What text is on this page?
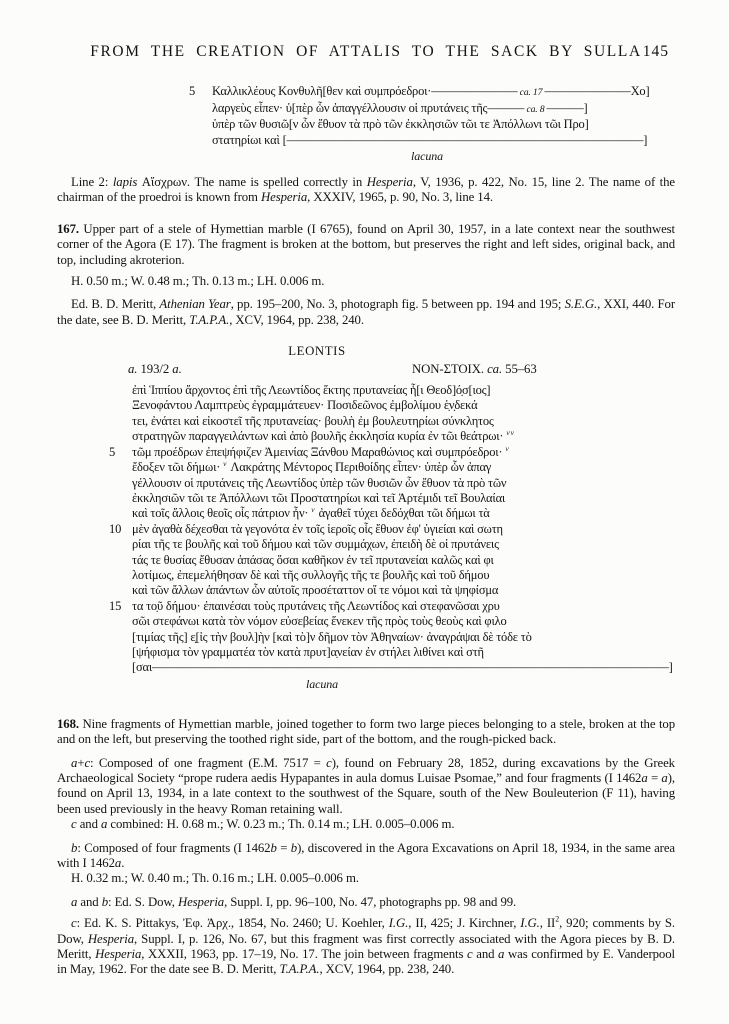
FROM THE CREATION OF ATTALIS TO THE SACK BY SULLA 145
5 Καλλικλέους Κονθυλῆ[θεν καὶ συμπρόεδροι·——————— ca. 17 ———————Χο]
λαργεὺς εἶπεν· ὑ[πὲρ ὧν ἀπαγγέλλουσιν οἱ πρυτάνεις τῆς——— ca. 8 ———]
ὑπὲρ τῶν θυσιῶ[ν ὧν ἔθυον τὰ πρὸ τῶν ἐκκλησιῶν τῶι τε Ἀπόλλωνι τῶι Προ]
στατηρίωι καὶ [—————————————————————————————]
lacuna

Line 2: lapis Αἴσχρων. The name is spelled correctly in Hesperia, V, 1936, p. 422, No. 15, line 2. The name of the chairman of the proedroi is known from Hesperia, XXXIV, 1965, p. 90, No. 3, line 14.

167. Upper part of a stele of Hymettian marble (I 6765), found on April 30, 1957, in a late context near the southwest corner of the Agora (E 17). The fragment is broken at the bottom, but preserves the right and left sides, original back, and top, including akroterion.

H. 0.50 m.; W. 0.48 m.; Th. 0.13 m.; LH. 0.006 m.

Ed. B. D. Meritt, Athenian Year, pp. 195–200, No. 3, photograph fig. 5 between pp. 194 and 195; S.E.G., XXI, 440. For the date, see B. D. Meritt, T.A.P.A., XCV, 1964, pp. 238, 240.

LEONTIS
a. 193/2 a.	NON-ΣΤΟΙΧ. ca. 55–63
ἐπὶ Ἱππίου ἄρχοντος ἐπὶ τῆς Λεωντίδος ἕκτης πρυτανείας ἧ[ι Θεοδ]ό̣σ[ιος]
Ξενοφάντου Λαμπτρεὺς ἐγραμμάτευεν· Ποσιδεῶνος ἐμβολίμου ἑ̣ν̣δεκά
τει, ἐνάτει καὶ εἰκοστεῖ τῆς πρυτανείας· βουλὴ ἐμ βουλευτηρίωι σύνκλητος
στρατηγῶν παραγγειλάντων καὶ ἀπὸ βουλῆς ἐκκλησία κυρία ἐν τῶι θεάτρωι· $^{vv}$
5 τῶμ προέδρων ἐπεψήφιζεν Ἀμεινίας Ξάνθου Μαραθώνιος καὶ συμπρόεδροι· $^v$
ἔδοξεν τῶι δήμωι· $^v$ Λακράτης Μέντορος Περιθοίδης εἶπεν· ὑπὲρ ὧν ἀπαγ
γέλλουσιν οἱ πρυτάνεις τῆς Λεωντίδος ὑπὲρ τῶν θυσιῶν ὧν ἔθυον τὰ πρὸ τῶν
ἐκκλησιῶν τῶι τε Ἀπόλλωνι τῶι Προστατηρίωι καὶ τεῖ Ἀρτέμιδι τεῖ Βουλαίαι
καὶ τοῖς ἄλλοις θεοῖς οἷς πάτριον ἦν· $^v$ ἀγαθεῖ τύχει δεδόχθαι τῶι δήμωι τὰ
10 μὲν ἀγαθὰ δέχεσθαι τὰ γεγονότα ἐν τοῖς ἱεροῖς οἷς ἔθυον ἐφ' ὑγιείαι καὶ σωτη
ρίαι τῆς τε βουλῆς καὶ τοῦ δήμου καὶ τῶν συμμάχων, ἐπειδὴ δὲ οἱ πρυτάνεις
τάς τε θυσίας ἔθυσαν ἁπάσας ὅσαι καθῆκον ἐν τεῖ πρυτανείαι καλῶς καὶ φι
λοτίμως, ἐπεμελήθησαν δὲ καὶ τῆς συλλογῆς τῆς τε βουλῆς καὶ τοῦ δήμου
καὶ τῶν ἄλλων ἁπάντων ὧν αὐτοῖς προσέταττον οἵ τε νόμοι καὶ τὰ ψηφίσμα
15 τα το̣ῦ δήμου· ἐπαινέσαι τοὺς πρυτάνεις τῆς Λεωντίδος καὶ στεφανῶσαι χρυ
σῶι στεφάνωι κατὰ τὸν νόμον εὐσεβείας ἕνεκεν τῆς πρὸς τοὺς θεοὺς καὶ φιλο
[τιμίας τῆς] ε̣[ἰς τὴν βουλ]ὴν [καὶ τὸ]ν δῆμον τὸν Ἀθηναίων· ἀναγράψαι δὲ τόδε τὸ
[ψήφισμα τὸν γραμματέα τὸν κατὰ πρυτ]α̣νείαν ἐν στήλει λιθίνει καὶ στῆ
[σαι——————————————————————————————————————————]
lacuna

168. Nine fragments of Hymettian marble, joined together to form two large pieces belonging to a stele, broken at the top and on the left, but preserving the toothed right side, part of the bottom, and the rough-picked back.

a+c: Composed of one fragment (E.M. 7517 = c), found on February 28, 1852, during excavations by the Greek Archaeological Society “prope rudera aedis Hypapantes in aula domus Luisae Psomae,” and four fragments (I 1462a = a), found on April 13, 1934, in a late context to the southwest of the Square, south of the New Bouleuterion (F 11), having been used previously in the heavy Roman retaining wall.

c and a combined: H. 0.68 m.; W. 0.23 m.; Th. 0.14 m.; LH. 0.005–0.006 m.

b: Composed of four fragments (I 1462b = b), discovered in the Agora Excavations on April 18, 1934, in the same area with I 1462a.

H. 0.32 m.; W. 0.40 m.; Th. 0.16 m.; LH. 0.005–0.006 m.

a and b: Ed. S. Dow, Hesperia, Suppl. I, pp. 96–100, No. 47, photographs pp. 98 and 99.

c: Ed. K. S. Pittakys, Ἐφ. Ἀρχ., 1854, No. 2460; U. Koehler, I.G., II, 425; J. Kirchner, I.G., $II^2$, 920; comments by S. Dow, Hesperia, Suppl. I, p. 126, No. 67, but this fragment was first correctly associated with the Agora pieces by B. D. Meritt, Hesperia, XXXII, 1963, pp. 17–19, No. 17. The join between fragments c and a was confirmed by E. Vanderpool in May, 1962. For the date see B. D. Meritt, T.A.P.A., XCV, 1964, pp. 238, 240.
